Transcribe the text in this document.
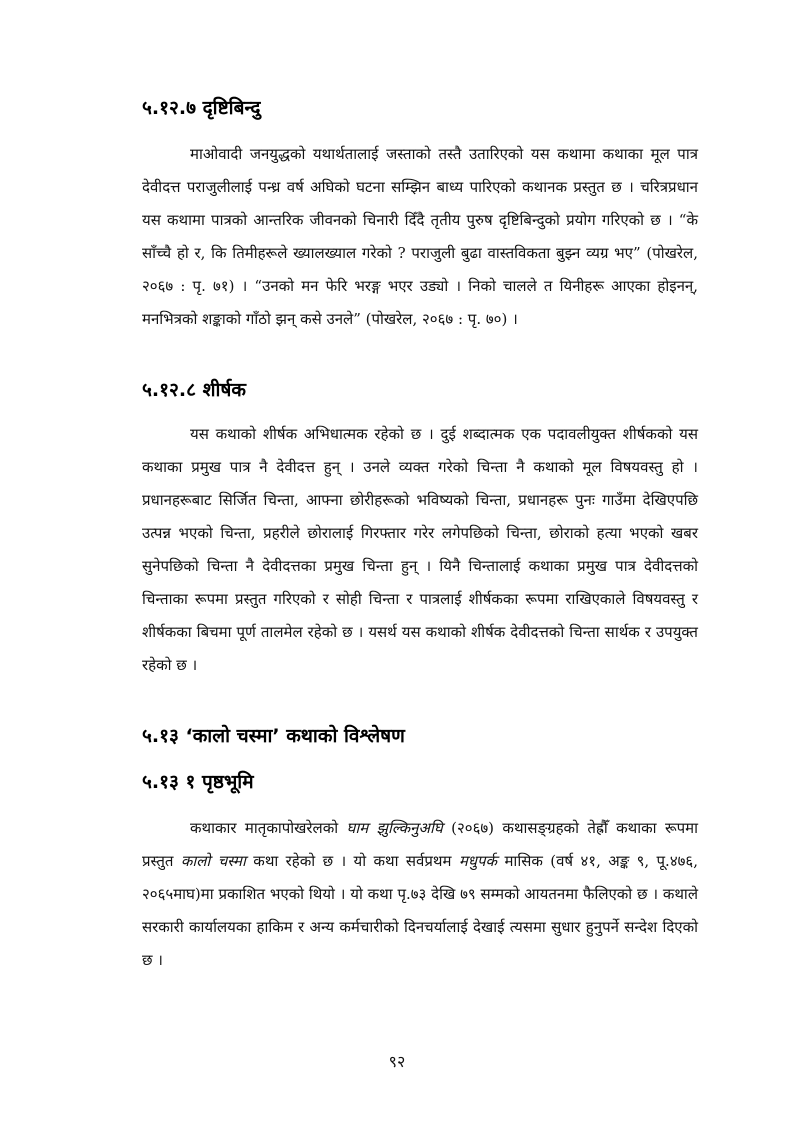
५.१२.७ दृष्टिबिन्दु

माओवादी जनयुद्धको यथार्थतालाई जस्ताको तस्तै उतारिएको यस कथामा कथाका मूल पात्र देवीदत्त पराजुलीलाई पन्ध्र वर्ष अघिको घटना सम्झिन बाध्य पारिएको कथानक प्रस्तुत छ । चरित्रप्रधान यस कथामा पात्रको आन्तरिक जीवनको चिनारी दिँदै तृतीय पुरुष दृष्टिबिन्दुको प्रयोग गरिएको छ । “के साँच्चै हो र, कि तिमीहरूले ख्यालख्याल गरेको ? पराजुली बुढा वास्तविकता बुझ्न व्यग्र भए” (पोखरेल, २०६७ : पृ. ७१) । “उनको मन फेरि भरङ्ग भएर उड्यो । निको चालले त यिनीहरू आएका होइनन्, मनभित्रको शङ्काको गाँठो झन् कसे उनले” (पोखरेल, २०६७ : पृ. ७०) ।

५.१२.८ शीर्षक

यस कथाको शीर्षक अभिधात्मक रहेको छ । दुई शब्दात्मक एक पदावलीयुक्त शीर्षकको यस कथाका प्रमुख पात्र नै देवीदत्त हुन् । उनले व्यक्त गरेको चिन्ता नै कथाको मूल विषयवस्तु हो । प्रधानहरूबाट सिर्जित चिन्ता, आफ्ना छोरीहरूको भविष्यको चिन्ता, प्रधानहरू पुनः गाउँमा देखिएपछि उत्पन्न भएको चिन्ता, प्रहरीले छोरालाई गिरफ्तार गरेर लगेपछिको चिन्ता, छोराको हत्या भएको खबर सुनेपछिको चिन्ता नै देवीदत्तका प्रमुख चिन्ता हुन् । यिनै चिन्तालाई कथाका प्रमुख पात्र देवीदत्तको चिन्ताका रूपमा प्रस्तुत गरिएको र सोही चिन्ता र पात्रलाई शीर्षकका रूपमा राखिएकाले विषयवस्तु र शीर्षकका बिचमा पूर्ण तालमेल रहेको छ । यसर्थ यस कथाको शीर्षक देवीदत्तको चिन्ता सार्थक र उपयुक्त रहेको छ ।

५.१३ ‘कालो चस्मा’ कथाको विश्लेषण
५.१३ १ पृष्ठभूमि

कथाकार मातृकापोखरेलको घाम झुल्किनुअघि (२०६७) कथासङ्ग्रहको तेह्रौँ कथाका रूपमा प्रस्तुत कालो चस्मा कथा रहेको छ । यो कथा सर्वप्रथम मधुपर्क मासिक (वर्ष ४१, अङ्क ९, पू.४७६, २०६५माघ)मा प्रकाशित भएको थियो । यो कथा पृ.७३ देखि ७९ सम्मको आयतनमा फैलिएको छ । कथाले सरकारी कार्यालयका हाकिम र अन्य कर्मचारीको दिनचर्यालाई देखाई त्यसमा सुधार हुनुपर्ने सन्देश दिएको छ ।

९२
